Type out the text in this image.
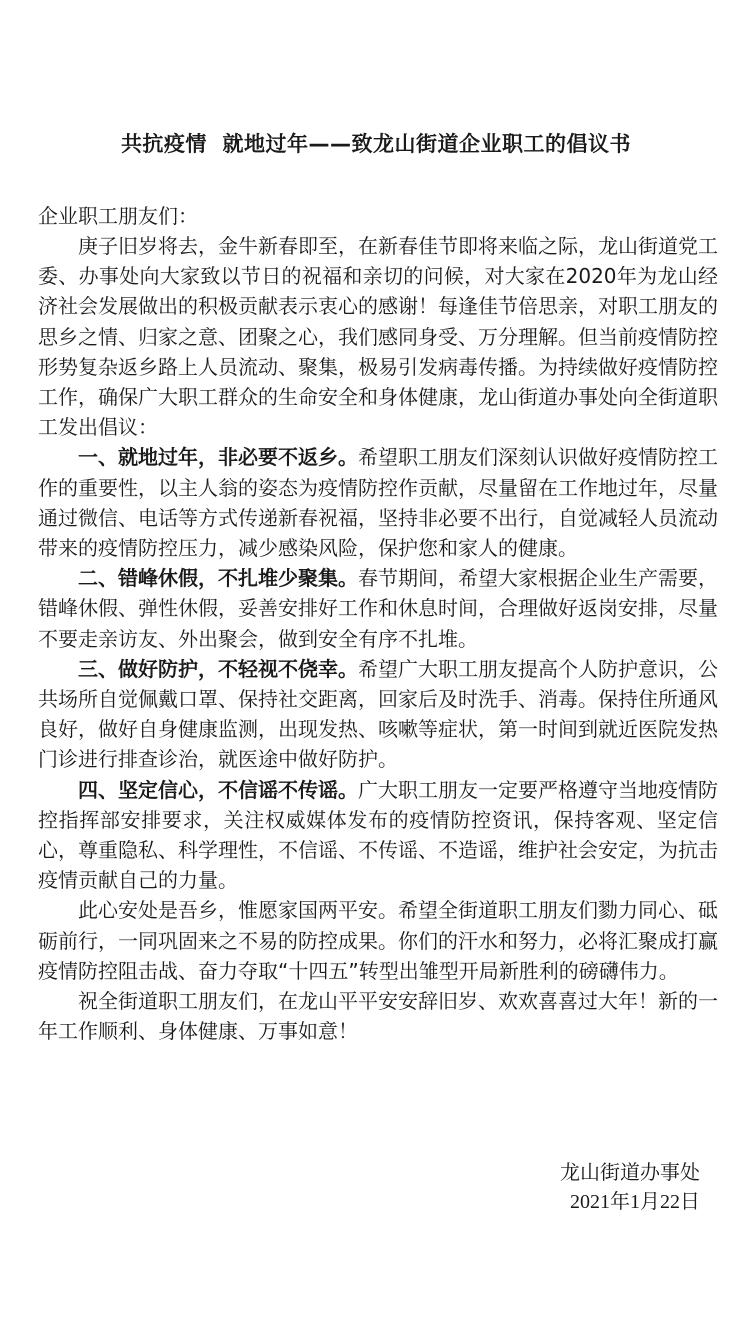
共抗疫情  就地过年——致龙山街道企业职工的倡议书
企业职工朋友们：

庚子旧岁将去，金牛新春即至，在新春佳节即将来临之际，龙山街道党工委、办事处向大家致以节日的祝福和亲切的问候，对大家在2020年为龙山经济社会发展做出的积极贡献表示衷心的感谢！每逢佳节倍思亲，对职工朋友的思乡之情、归家之意、团聚之心，我们感同身受、万分理解。但当前疫情防控形势复杂返乡路上人员流动、聚集，极易引发病毒传播。为持续做好疫情防控工作，确保广大职工群众的生命安全和身体健康，龙山街道办事处向全街道职工发出倡议：

一、就地过年，非必要不返乡。希望职工朋友们深刻认识做好疫情防控工作的重要性，以主人翁的姿态为疫情防控作贡献，尽量留在工作地过年，尽量通过微信、电话等方式传递新春祝福，坚持非必要不出行，自觉减轻人员流动带来的疫情防控压力，减少感染风险，保护您和家人的健康。

二、错峰休假，不扎堆少聚集。春节期间，希望大家根据企业生产需要，错峰休假、弹性休假，妥善安排好工作和休息时间，合理做好返岗安排，尽量不要走亲访友、外出聚会，做到安全有序不扎堆。

三、做好防护，不轻视不侥幸。希望广大职工朋友提高个人防护意识，公共场所自觉佩戴口罩、保持社交距离，回家后及时洗手、消毒。保持住所通风良好，做好自身健康监测，出现发热、咳嗽等症状，第一时间到就近医院发热门诊进行排查诊治，就医途中做好防护。

四、坚定信心，不信谣不传谣。广大职工朋友一定要严格遵守当地疫情防控指挥部安排要求，关注权威媒体发布的疫情防控资讯，保持客观、坚定信心，尊重隐私、科学理性，不信谣、不传谣、不造谣，维护社会安定，为抗击疫情贡献自己的力量。

此心安处是吾乡，惟愿家国两平安。希望全街道职工朋友们勠力同心、砥砺前行，一同巩固来之不易的防控成果。你们的汗水和努力，必将汇聚成打赢疫情防控阻击战、奋力夺取“十四五”转型出雏型开局新胜利的磅礴伟力。

祝全街道职工朋友们，在龙山平平安安辞旧岁、欢欢喜喜过大年！新的一年工作顺利、身体健康、万事如意！

龙山街道办事处
2021年1月22日
